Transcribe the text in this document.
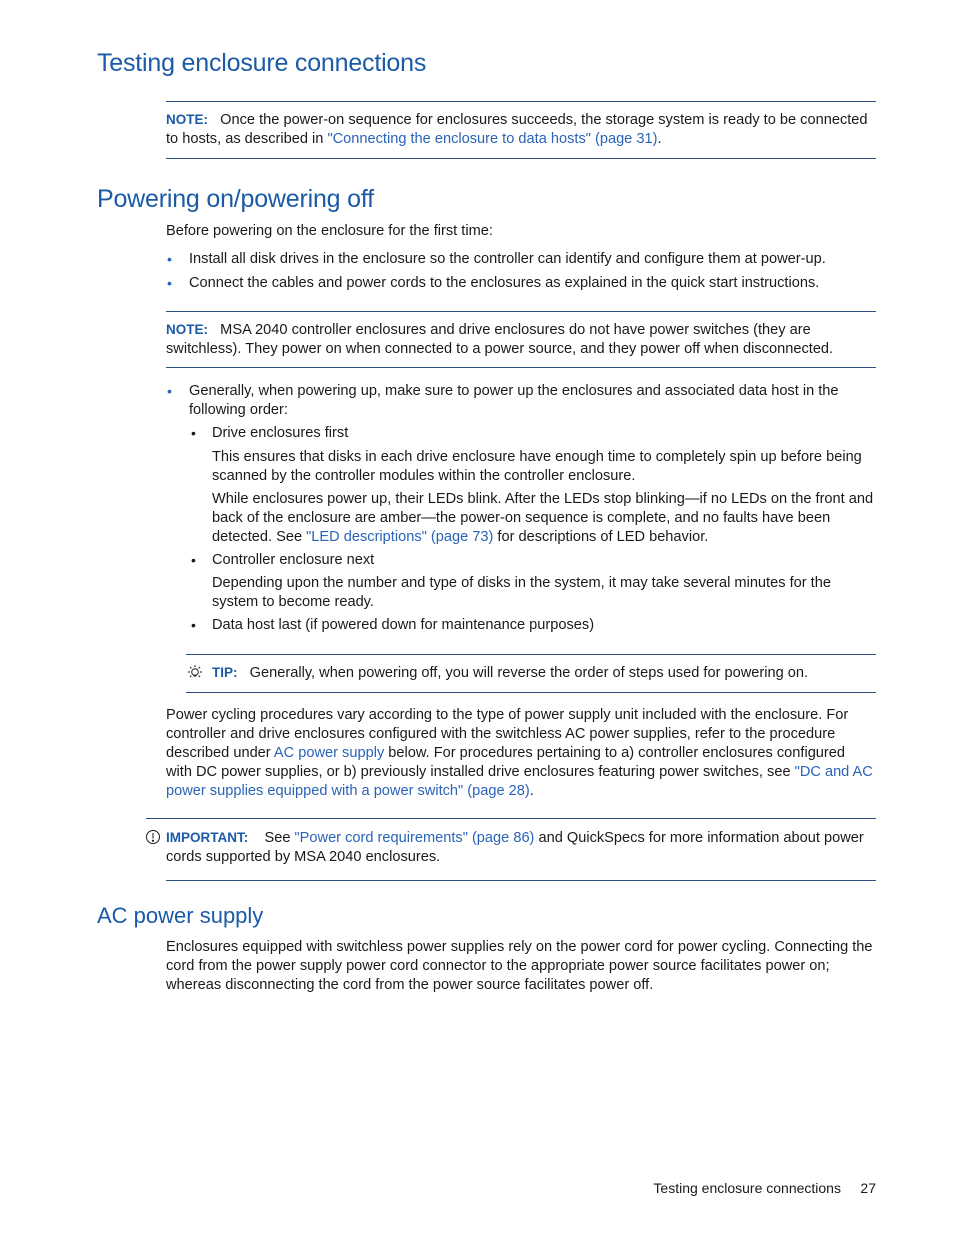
Testing enclosure connections

NOTE: Once the power-on sequence for enclosures succeeds, the storage system is ready to be connected to hosts, as described in "Connecting the enclosure to data hosts" (page 31).

Powering on/powering off

Before powering on the enclosure for the first time:

• Install all disk drives in the enclosure so the controller can identify and configure them at power-up.

• Connect the cables and power cords to the enclosures as explained in the quick start instructions.

NOTE: MSA 2040 controller enclosures and drive enclosures do not have power switches (they are switchless). They power on when connected to a power source, and they power off when disconnected.

• Generally, when powering up, make sure to power up the enclosures and associated data host in the following order:

• Drive enclosures first

This ensures that disks in each drive enclosure have enough time to completely spin up before being scanned by the controller modules within the controller enclosure.

While enclosures power up, their LEDs blink. After the LEDs stop blinking—if no LEDs on the front and back of the enclosure are amber—the power-on sequence is complete, and no faults have been detected. See "LED descriptions" (page 73) for descriptions of LED behavior.

• Controller enclosure next

Depending upon the number and type of disks in the system, it may take several minutes for the system to become ready.

• Data host last (if powered down for maintenance purposes)

TIP: Generally, when powering off, you will reverse the order of steps used for powering on.

Power cycling procedures vary according to the type of power supply unit included with the enclosure. For controller and drive enclosures configured with the switchless AC power supplies, refer to the procedure described under AC power supply below. For procedures pertaining to a) controller enclosures configured with DC power supplies, or b) previously installed drive enclosures featuring power switches, see "DC and AC power supplies equipped with a power switch" (page 28).

IMPORTANT: See "Power cord requirements" (page 86) and QuickSpecs for more information about power cords supported by MSA 2040 enclosures.

AC power supply

Enclosures equipped with switchless power supplies rely on the power cord for power cycling. Connecting the cord from the power supply power cord connector to the appropriate power source facilitates power on; whereas disconnecting the cord from the power source facilitates power off.

Testing enclosure connections 27
